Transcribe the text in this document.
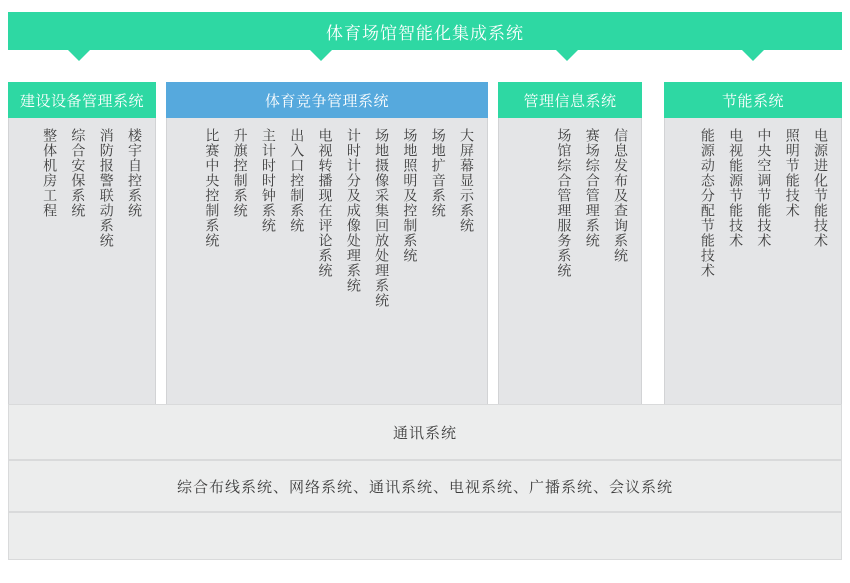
体育场馆智能化集成系统
建设设备管理系统
楼宇自控系统
消防报警联动系统
综合安保系统
整体机房工程
体育竞争管理系统
大屏幕显示系统
场地扩音系统
场地照明及控制系统
场地摄像采集回放处理系统
计时计分及成像处理系统
电视转播现在评论系统
出入口控制系统
主计时时钟系统
升旗控制系统
比赛中央控制系统
管理信息系统
信息发布及查询系统
赛场综合管理系统
场馆综合管理服务系统
节能系统
电源进化节能技术
照明节能技术
中央空调节能技术
电视能源节能技术
能源动态分配节能技术
通讯系统
综合布线系统、网络系统、通讯系统、电视系统、广播系统、会议系统
